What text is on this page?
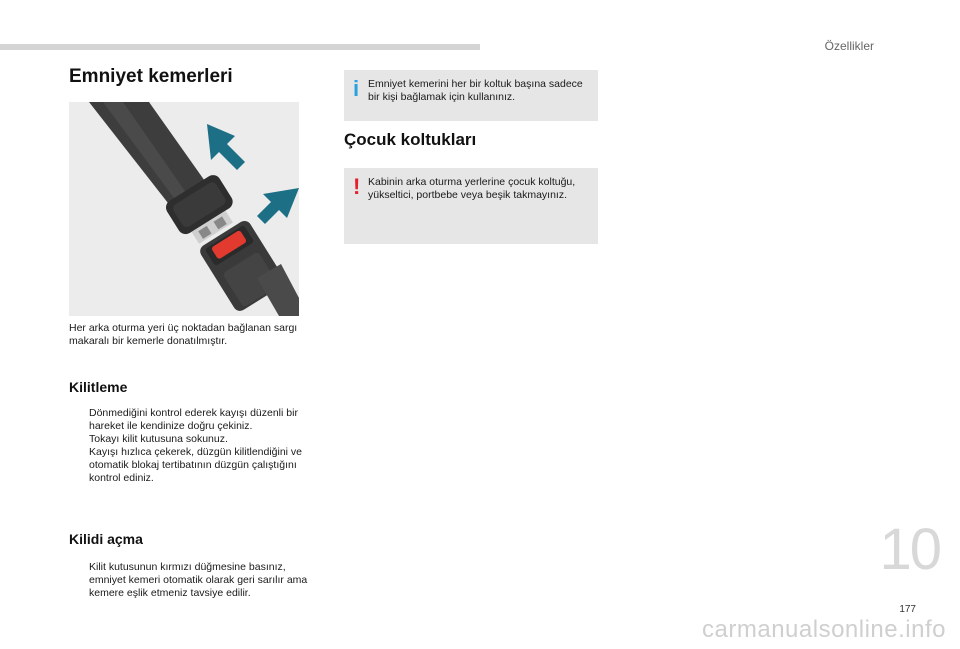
Özellikler
Emniyet kemerleri
Her arka oturma yeri üç noktadan bağlanan sargı makaralı bir kemerle donatılmıştır.
Kilitleme
Dönmediğini kontrol ederek kayışı düzenli bir hareket ile kendinize doğru çekiniz.
Tokayı kilit kutusuna sokunuz.
Kayışı hızlıca çekerek, düzgün kilitlendiğini ve otomatik blokaj tertibatının düzgün çalıştığını kontrol ediniz.
Kilidi açma
Kilit kutusunun kırmızı düğmesine basınız, emniyet kemeri otomatik olarak geri sarılır ama kemere eşlik etmeniz tavsiye edilir.
i Emniyet kemerini her bir koltuk başına sadece bir kişi bağlamak için kullanınız.
Çocuk koltukları
! Kabinin arka oturma yerlerine çocuk koltuğu, yükseltici, portbebe veya beşik takmayınız.
10
177
carmanualsonline.info
